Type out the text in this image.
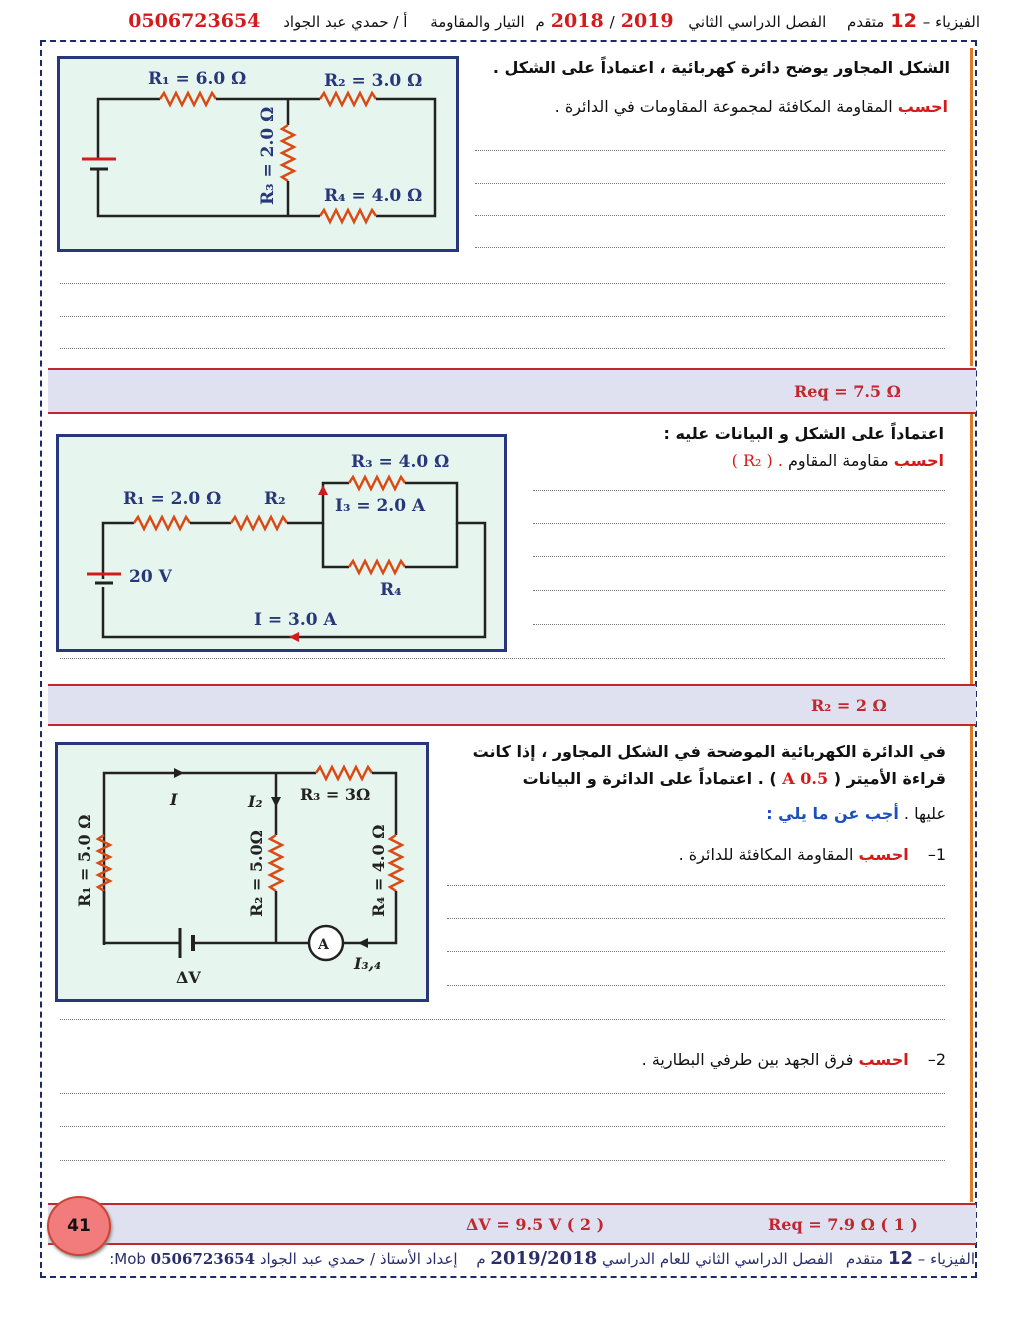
الفيزياء –12متقدم الفصل الدراسي الثاني 2018 / 2019م التيار والمقاومة أ / حمدي عبد الجواد 0506723654
الشكل المجاور يوضح دائرة كهربائية ، اعتماداً على الشكل .
احسب المقاومة المكافئة لمجموعة المقاومات في الدائرة .
R₁ = 6.0 Ω	R₂ = 3.0 Ω
R₄ = 4.0 Ω
R₃ = 2.0 Ω
Req = 7.5 Ω
اعتماداً على الشكل و البيانات عليه :
احسب مقاومة المقاوم ( R₂ ) .
R₃ = 4.0 Ω
R₁ = 2.0 Ω	R₂	I₃ = 2.0 A
20 V
R₄
I = 3.0 A
R₂ = 2 Ω
في الدائرة الكهربائية الموضحة في الشكل المجاور ، إذا كانت
قراءة الأميتر ( 0.5 A ) . اعتماداً على الدائرة و البيانات
عليها . أجب عن ما يلي :
1– احسب المقاومة المكافئة للدائرة .
2– احسب فرق الجهد بين طرفي البطارية .
I	I₂ R₃ = 3Ω
A
I₃,₄
ΔV
R₁ = 5.0 Ω	R₂ = 5.0Ω	R₄ = 4.0 Ω
ΔV = 9.5 V ( 2 )	Req = 7.9 Ω ( 1 )
41
الفيزياء – 12 متقدم الفصل الدراسي الثاني للعام الدراسي 2019/2018 م إعداد الأستاذ / حمدي عبد الجواد 0506723654 Mob:
